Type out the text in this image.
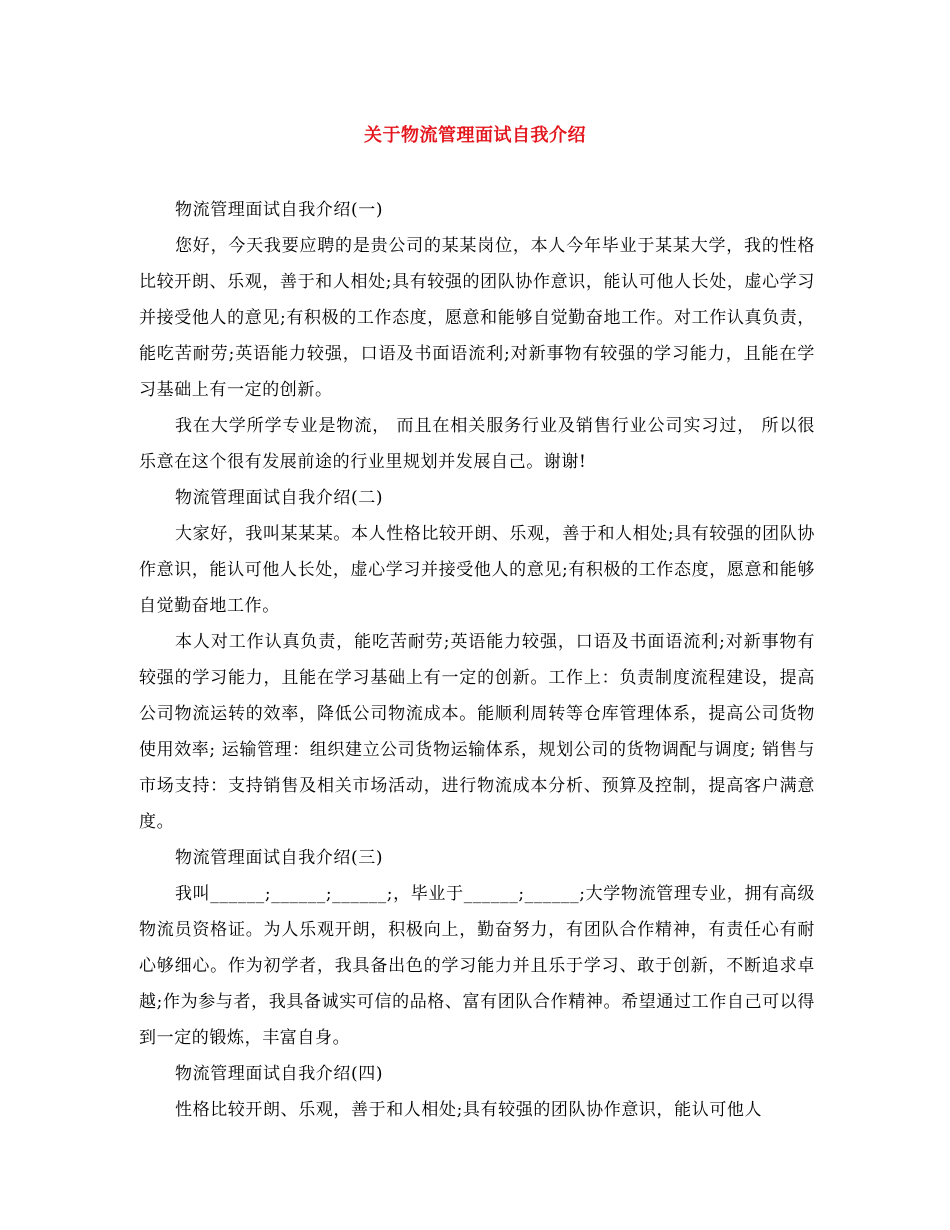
关于物流管理面试自我介绍

物流管理面试自我介绍(一)

您好，今天我要应聘的是贵公司的某某岗位，本人今年毕业于某某大学，我的性格比较开朗、乐观，善于和人相处;具有较强的团队协作意识，能认可他人长处，虚心学习并接受他人的意见;有积极的工作态度，愿意和能够自觉勤奋地工作。对工作认真负责，能吃苦耐劳;英语能力较强，口语及书面语流利;对新事物有较强的学习能力，且能在学习基础上有一定的创新。

我在大学所学专业是物流， 而且在相关服务行业及销售行业公司实习过， 所以很乐意在这个很有发展前途的行业里规划并发展自己。谢谢!

物流管理面试自我介绍(二)

大家好，我叫某某某。本人性格比较开朗、乐观，善于和人相处;具有较强的团队协作意识，能认可他人长处，虚心学习并接受他人的意见;有积极的工作态度，愿意和能够自觉勤奋地工作。

本人对工作认真负责，能吃苦耐劳;英语能力较强，口语及书面语流利;对新事物有较强的学习能力，且能在学习基础上有一定的创新。工作上：负责制度流程建设，提高公司物流运转的效率，降低公司物流成本。能顺利周转等仓库管理体系，提高公司货物使用效率; 运输管理：组织建立公司货物运输体系，规划公司的货物调配与调度; 销售与市场支持：支持销售及相关市场活动，进行物流成本分析、预算及控制，提高客户满意度。

物流管理面试自我介绍(三)

我叫______;______;______;，毕业于______;______;大学物流管理专业，拥有高级物流员资格证。为人乐观开朗，积极向上，勤奋努力，有团队合作精神，有责任心有耐心够细心。作为初学者，我具备出色的学习能力并且乐于学习、敢于创新，不断追求卓越;作为参与者，我具备诚实可信的品格、富有团队合作精神。希望通过工作自己可以得到一定的锻炼，丰富自身。

物流管理面试自我介绍(四)

性格比较开朗、乐观，善于和人相处;具有较强的团队协作意识，能认可他人
